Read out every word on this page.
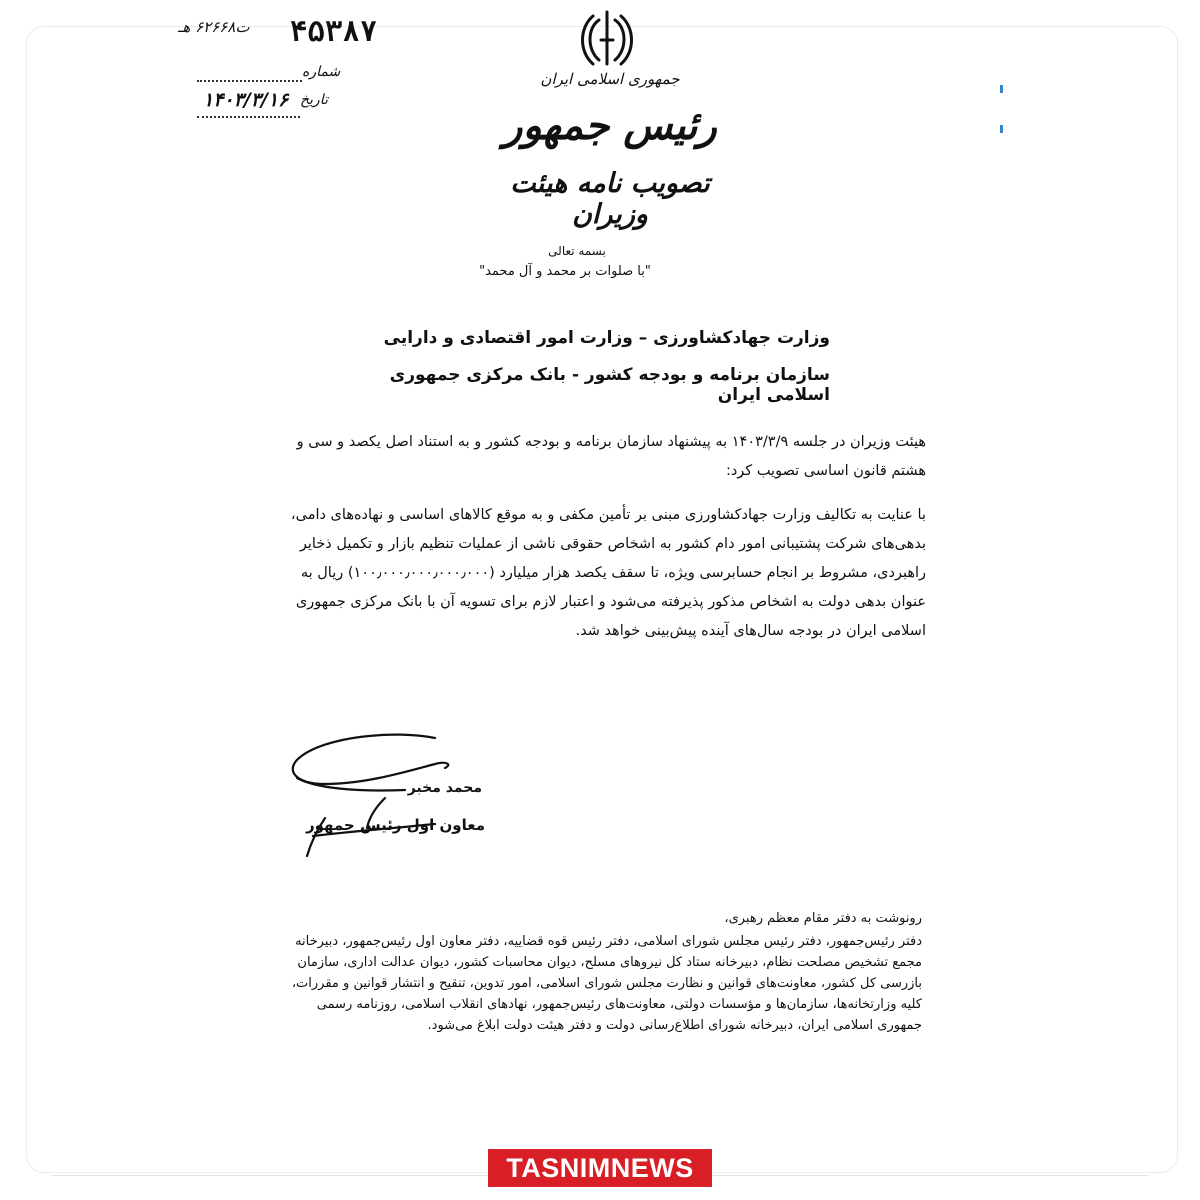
جمهوری اسلامی ایران
رئیس جمهور
تصویب نامه هیئت وزیران
۴۵۳۸۷
ت۶۲۶۶۸ هـ
شماره
تاریخ
۱۴۰۳/۳/۱۶
بسمه تعالی
"با صلوات بر محمد و آل محمد"
وزارت جهادکشاورزی – وزارت امور اقتصادی و دارایی
سازمان برنامه و بودجه کشور - بانک مرکزی جمهوری اسلامی ایران
هیئت وزیران در جلسه ۱۴۰۳/۳/۹ به پیشنهاد سازمان برنامه و بودجه کشور و به استناد اصل یکصد و سی و هشتم قانون اساسی تصویب کرد:
با عنایت به تکالیف وزارت جهادکشاورزی مبنی بر تأمین مکفی و به موقع کالاهای اساسی و نهاده‌های دامی، بدهی‌های شرکت پشتیبانی امور دام کشور به اشخاص حقوقی ناشی از عملیات تنظیم بازار و تکمیل ذخایر راهبردی، مشروط بر انجام حسابرسی ویژه، تا سقف یکصد هزار میلیارد (۱۰۰٫۰۰۰٫۰۰۰٫۰۰۰٫۰۰۰) ریال به عنوان بدهی دولت به اشخاص مذکور پذیرفته می‌شود و اعتبار لازم برای تسویه آن با بانک مرکزی جمهوری اسلامی ایران در بودجه سال‌های آینده پیش‌بینی خواهد شد.
محمد مخبر
معاون اول رئیس جمهور
رونوشت به دفتر مقام معظم رهبری،
دفتر رئیس‌جمهور، دفتر رئیس مجلس شورای اسلامی، دفتر رئیس قوه قضاییه، دفتر معاون اول رئیس‌جمهور، دبیرخانه مجمع تشخیص مصلحت نظام، دبیرخانه ستاد کل نیروهای مسلح، دیوان محاسبات کشور، دیوان عدالت اداری، سازمان بازرسی کل کشور، معاونت‌های قوانین و نظارت مجلس شورای اسلامی، امور تدوین، تنقیح و انتشار قوانین و مقررات، کلیه وزارتخانه‌ها، سازمان‌ها و مؤسسات دولتی، معاونت‌های رئیس‌جمهور، نهادهای انقلاب اسلامی، روزنامه رسمی جمهوری اسلامی ایران، دبیرخانه شورای اطلاع‌رسانی دولت و دفتر هیئت دولت ابلاغ می‌شود.
TASNIMNEWS
